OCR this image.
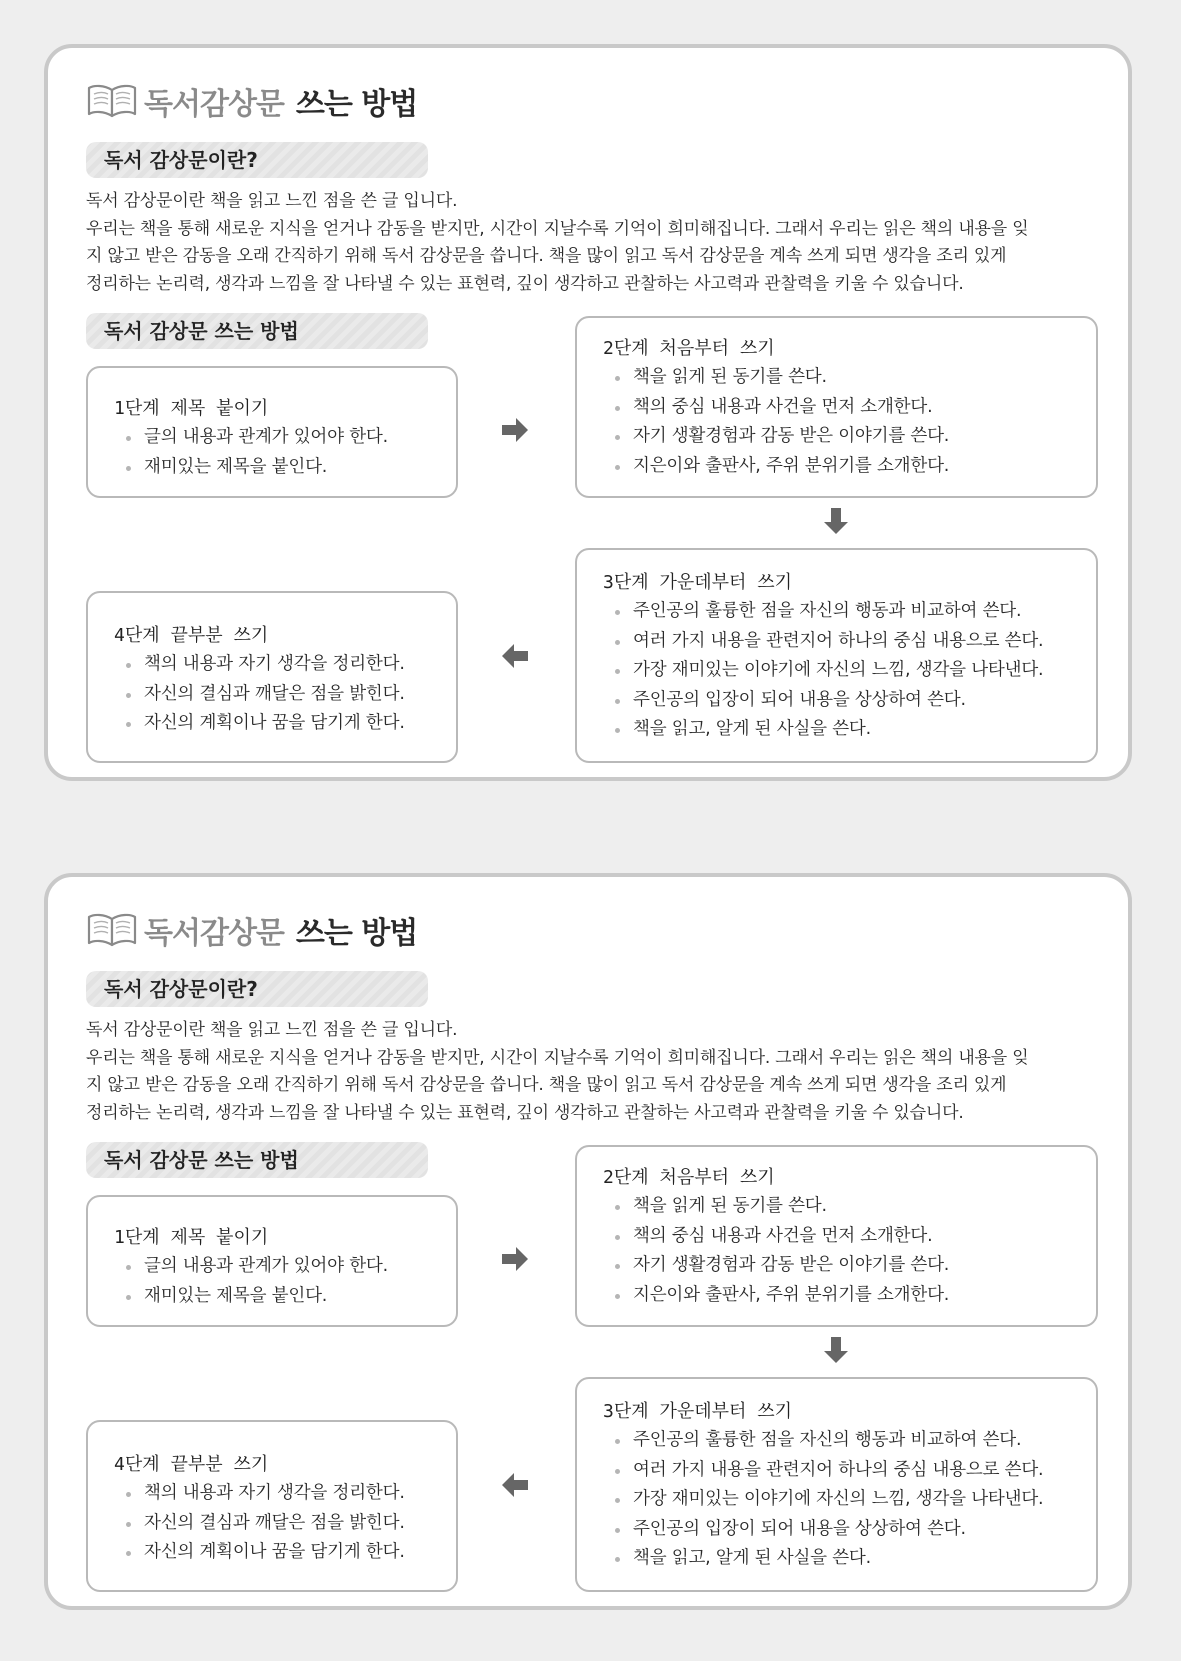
독서감상문 쓰는 방법
독서 감상문이란?

독서 감상문이란 책을 읽고 느낀 점을 쓴 글 입니다.

우리는 책을 통해 새로운 지식을 얻거나 감동을 받지만, 시간이 지날수록 기억이 희미해집니다. 그래서 우리는 읽은 책의 내용을 잊

지 않고 받은 감동을 오래 간직하기 위해 독서 감상문을 씁니다. 책을 많이 읽고 독서 감상문을 계속 쓰게 되면 생각을 조리 있게

정리하는 논리력, 생각과 느낌을 잘 나타낼 수 있는 표현력, 깊이 생각하고 관찰하는 사고력과 관찰력을 키울 수 있습니다.

독서 감상문 쓰는 방법
1단계 제목 붙이기
글의 내용과 관계가 있어야 한다.
재미있는 제목을 붙인다.
2단계 처음부터 쓰기
책을 읽게 된 동기를 쓴다.
책의 중심 내용과 사건을 먼저 소개한다.
자기 생활경험과 감동 받은 이야기를 쓴다.
지은이와 출판사, 주위 분위기를 소개한다.
3단계 가운데부터 쓰기
주인공의 훌륭한 점을 자신의 행동과 비교하여 쓴다.
여러 가지 내용을 관련지어 하나의 중심 내용으로 쓴다.
가장 재미있는 이야기에 자신의 느낌, 생각을 나타낸다.
주인공의 입장이 되어 내용을 상상하여 쓴다.
책을 읽고, 알게 된 사실을 쓴다.
4단계 끝부분 쓰기
책의 내용과 자기 생각을 정리한다.
자신의 결심과 깨달은 점을 밝힌다.
자신의 계획이나 꿈을 담기게 한다.
독서감상문 쓰는 방법
독서 감상문이란?

독서 감상문이란 책을 읽고 느낀 점을 쓴 글 입니다.

우리는 책을 통해 새로운 지식을 얻거나 감동을 받지만, 시간이 지날수록 기억이 희미해집니다. 그래서 우리는 읽은 책의 내용을 잊

지 않고 받은 감동을 오래 간직하기 위해 독서 감상문을 씁니다. 책을 많이 읽고 독서 감상문을 계속 쓰게 되면 생각을 조리 있게

정리하는 논리력, 생각과 느낌을 잘 나타낼 수 있는 표현력, 깊이 생각하고 관찰하는 사고력과 관찰력을 키울 수 있습니다.

독서 감상문 쓰는 방법
1단계 제목 붙이기
글의 내용과 관계가 있어야 한다.
재미있는 제목을 붙인다.
2단계 처음부터 쓰기
책을 읽게 된 동기를 쓴다.
책의 중심 내용과 사건을 먼저 소개한다.
자기 생활경험과 감동 받은 이야기를 쓴다.
지은이와 출판사, 주위 분위기를 소개한다.
3단계 가운데부터 쓰기
주인공의 훌륭한 점을 자신의 행동과 비교하여 쓴다.
여러 가지 내용을 관련지어 하나의 중심 내용으로 쓴다.
가장 재미있는 이야기에 자신의 느낌, 생각을 나타낸다.
주인공의 입장이 되어 내용을 상상하여 쓴다.
책을 읽고, 알게 된 사실을 쓴다.
4단계 끝부분 쓰기
책의 내용과 자기 생각을 정리한다.
자신의 결심과 깨달은 점을 밝힌다.
자신의 계획이나 꿈을 담기게 한다.
